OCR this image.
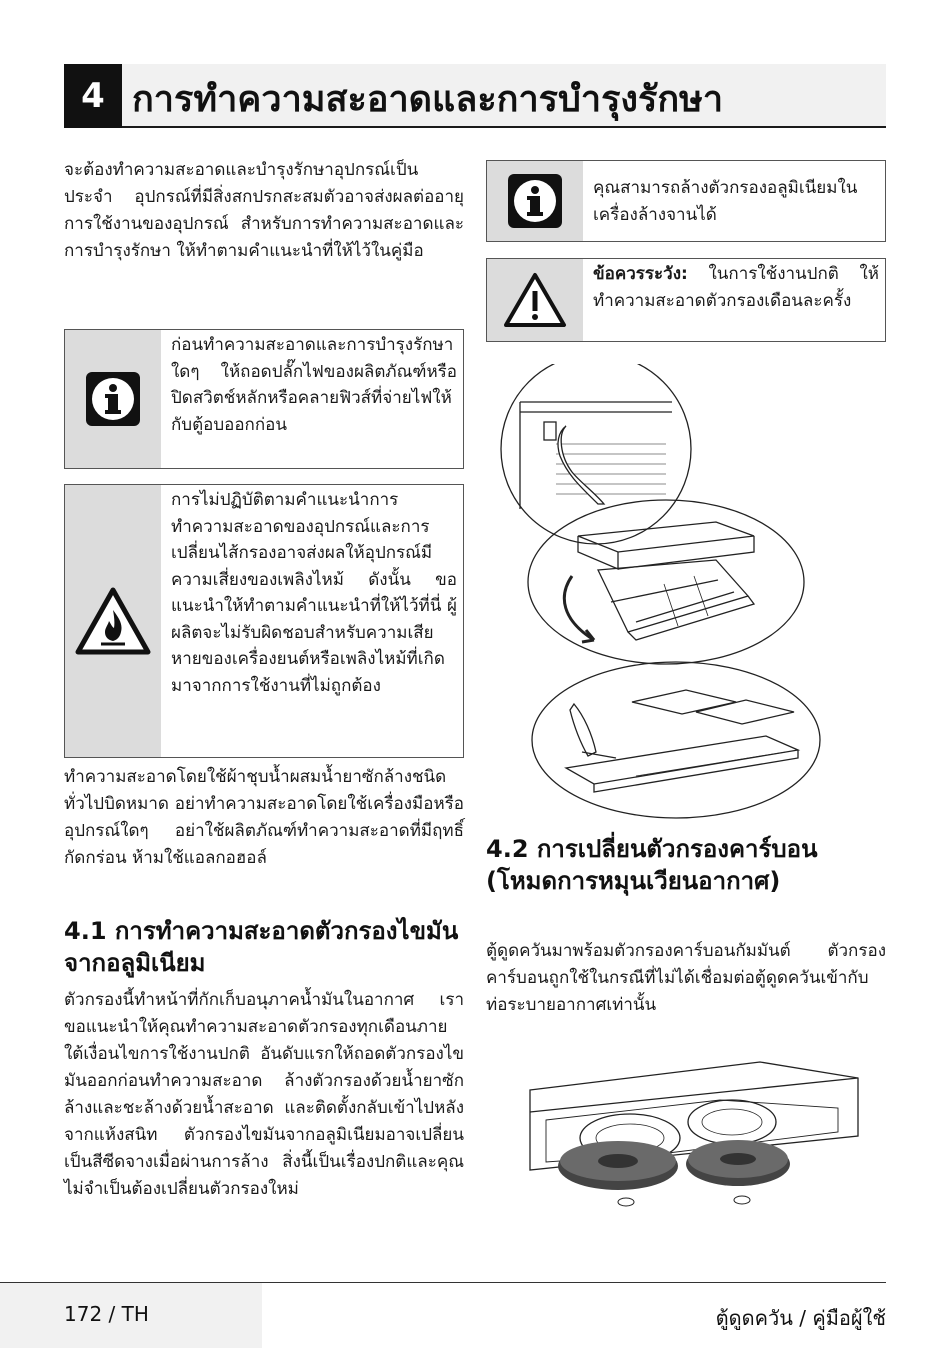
4 การทำความสะอาดและการบำรุงรักษา
จะต้องทำความสะอาดและบำรุงรักษาอุปกรณ์เป็นประจำ อุปกรณ์ที่มีสิ่งสกปรกสะสมตัวอาจส่งผลต่ออายุการใช้งานของอุปกรณ์ สำหรับการทำความสะอาดและการบำรุงรักษา ให้ทำตามคำแนะนำที่ให้ไว้ในคู่มือ
ก่อนทำความสะอาดและการบำรุงรักษาใดๆ ให้ถอดปลั๊กไฟของผลิตภัณฑ์หรือปิดสวิตช์หลักหรือคลายฟิวส์ที่จ่ายไฟให้กับตู้อบออกก่อน
การไม่ปฏิบัติตามคำแนะนำการทำความสะอาดของอุปกรณ์และการเปลี่ยนไส้กรองอาจส่งผลให้อุปกรณ์มีความเสี่ยงของเพลิงไหม้ ดังนั้น ขอแนะนำให้ทำตามคำแนะนำที่ให้ไว้ที่นี่ ผู้ผลิตจะไม่รับผิดชอบสำหรับความเสียหายของเครื่องยนต์หรือเพลิงไหม้ที่เกิดมาจากการใช้งานที่ไม่ถูกต้อง
ทำความสะอาดโดยใช้ผ้าชุบน้ำผสมน้ำยาซักล้างชนิดทั่วไปบิดหมาด อย่าทำความสะอาดโดยใช้เครื่องมือหรืออุปกรณ์ใดๆ อย่าใช้ผลิตภัณฑ์ทำความสะอาดที่มีฤทธิ์กัดกร่อน ห้ามใช้แอลกอฮอล์
4.1 การทำความสะอาดตัวกรองไขมันจากอลูมิเนียม
ตัวกรองนี้ทำหน้าที่กักเก็บอนุภาคน้ำมันในอากาศ เราขอแนะนำให้คุณทำความสะอาดตัวกรองทุกเดือนภายใต้เงื่อนไขการใช้งานปกติ อันดับแรกให้ถอดตัวกรองไขมันออกก่อนทำความสะอาด ล้างตัวกรองด้วยน้ำยาซักล้างและชะล้างด้วยน้ำสะอาด และติดตั้งกลับเข้าไปหลังจากแห้งสนิท ตัวกรองไขมันจากอลูมิเนียมอาจเปลี่ยนเป็นสีซีดจางเมื่อผ่านการล้าง สิ่งนี้เป็นเรื่องปกติและคุณไม่จำเป็นต้องเปลี่ยนตัวกรองใหม่
คุณสามารถล้างตัวกรองอลูมิเนียมในเครื่องล้างจานได้
ข้อควรระวัง: ในการใช้งานปกติ ให้ทำความสะอาดตัวกรองเดือนละครั้ง
4.2 การเปลี่ยนตัวกรองคาร์บอน (โหมดการหมุนเวียนอากาศ)
ตู้ดูดควันมาพร้อมตัวกรองคาร์บอนกัมมันต์ ตัวกรองคาร์บอนถูกใช้ในกรณีที่ไม่ได้เชื่อมต่อตู้ดูดควันเข้ากับท่อระบายอากาศเท่านั้น
172 / TH	ตู้ดูดควัน / คู่มือผู้ใช้
